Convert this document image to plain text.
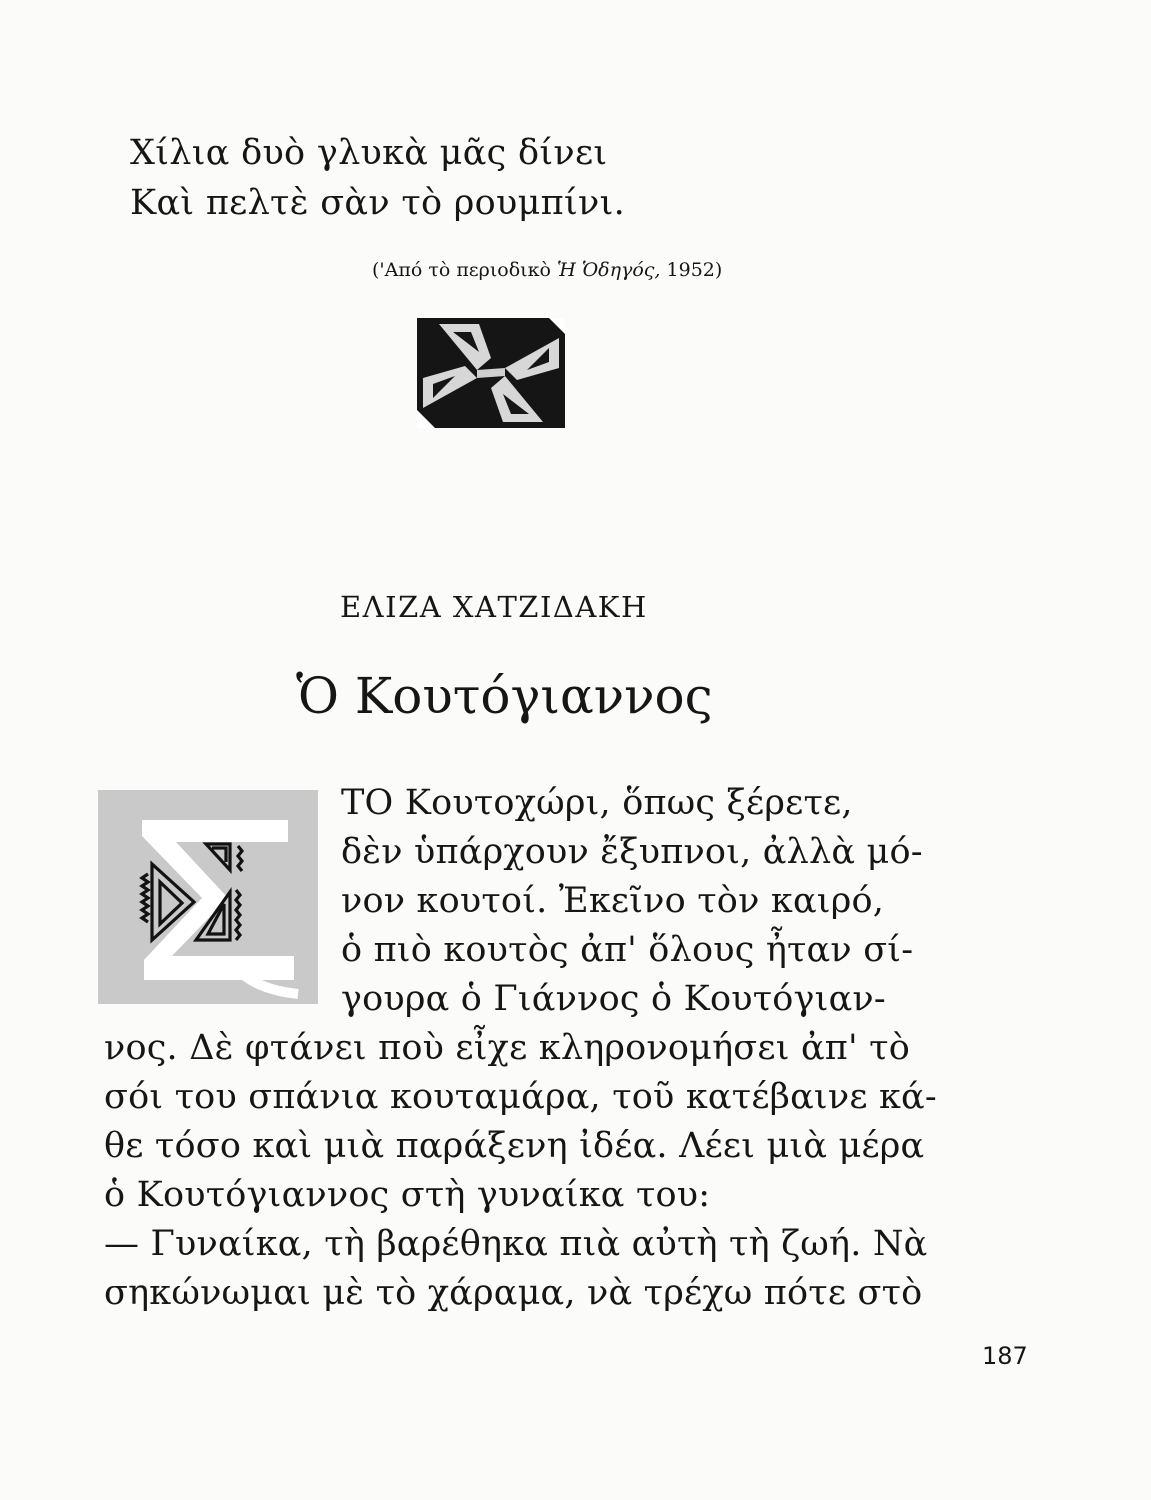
Χίλια δυὸ γλυκὰ μᾶς δίνει
Καὶ πελτὲ σὰν τὸ ρουμπίνι.
('Από τὸ περιοδικὸ Ἡ Ὁδηγός, 1952)
ΕΛΙΖΑ ΧΑΤΖΙΔΑΚΗ
Ὁ Κουτόγιαννος
ΤΟ Κουτοχώρι, ὅπως ξέρετε,
δὲν ὑπάρχουν ἔξυπνοι, ἀλλὰ μό-
νον κουτοί. Ἐκεῖνο τὸν καιρό,
ὁ πιὸ κουτὸς ἀπ' ὅλους ἦταν σί-
γουρα ὁ Γιάννος ὁ Κουτόγιαν-
νος. Δὲ φτάνει ποὺ εἶχε κληρονομήσει ἀπ' τὸ
σόι του σπάνια κουταμάρα, τοῦ κατέβαινε κά-
θε τόσο καὶ μιὰ παράξενη ἰδέα. Λέει μιὰ μέρα
ὁ Κουτόγιαννος στὴ γυναίκα του:
— Γυναίκα, τὴ βαρέθηκα πιὰ αὐτὴ τὴ ζωή. Νὰ
σηκώνωμαι μὲ τὸ χάραμα, νὰ τρέχω πότε στὸ
187
